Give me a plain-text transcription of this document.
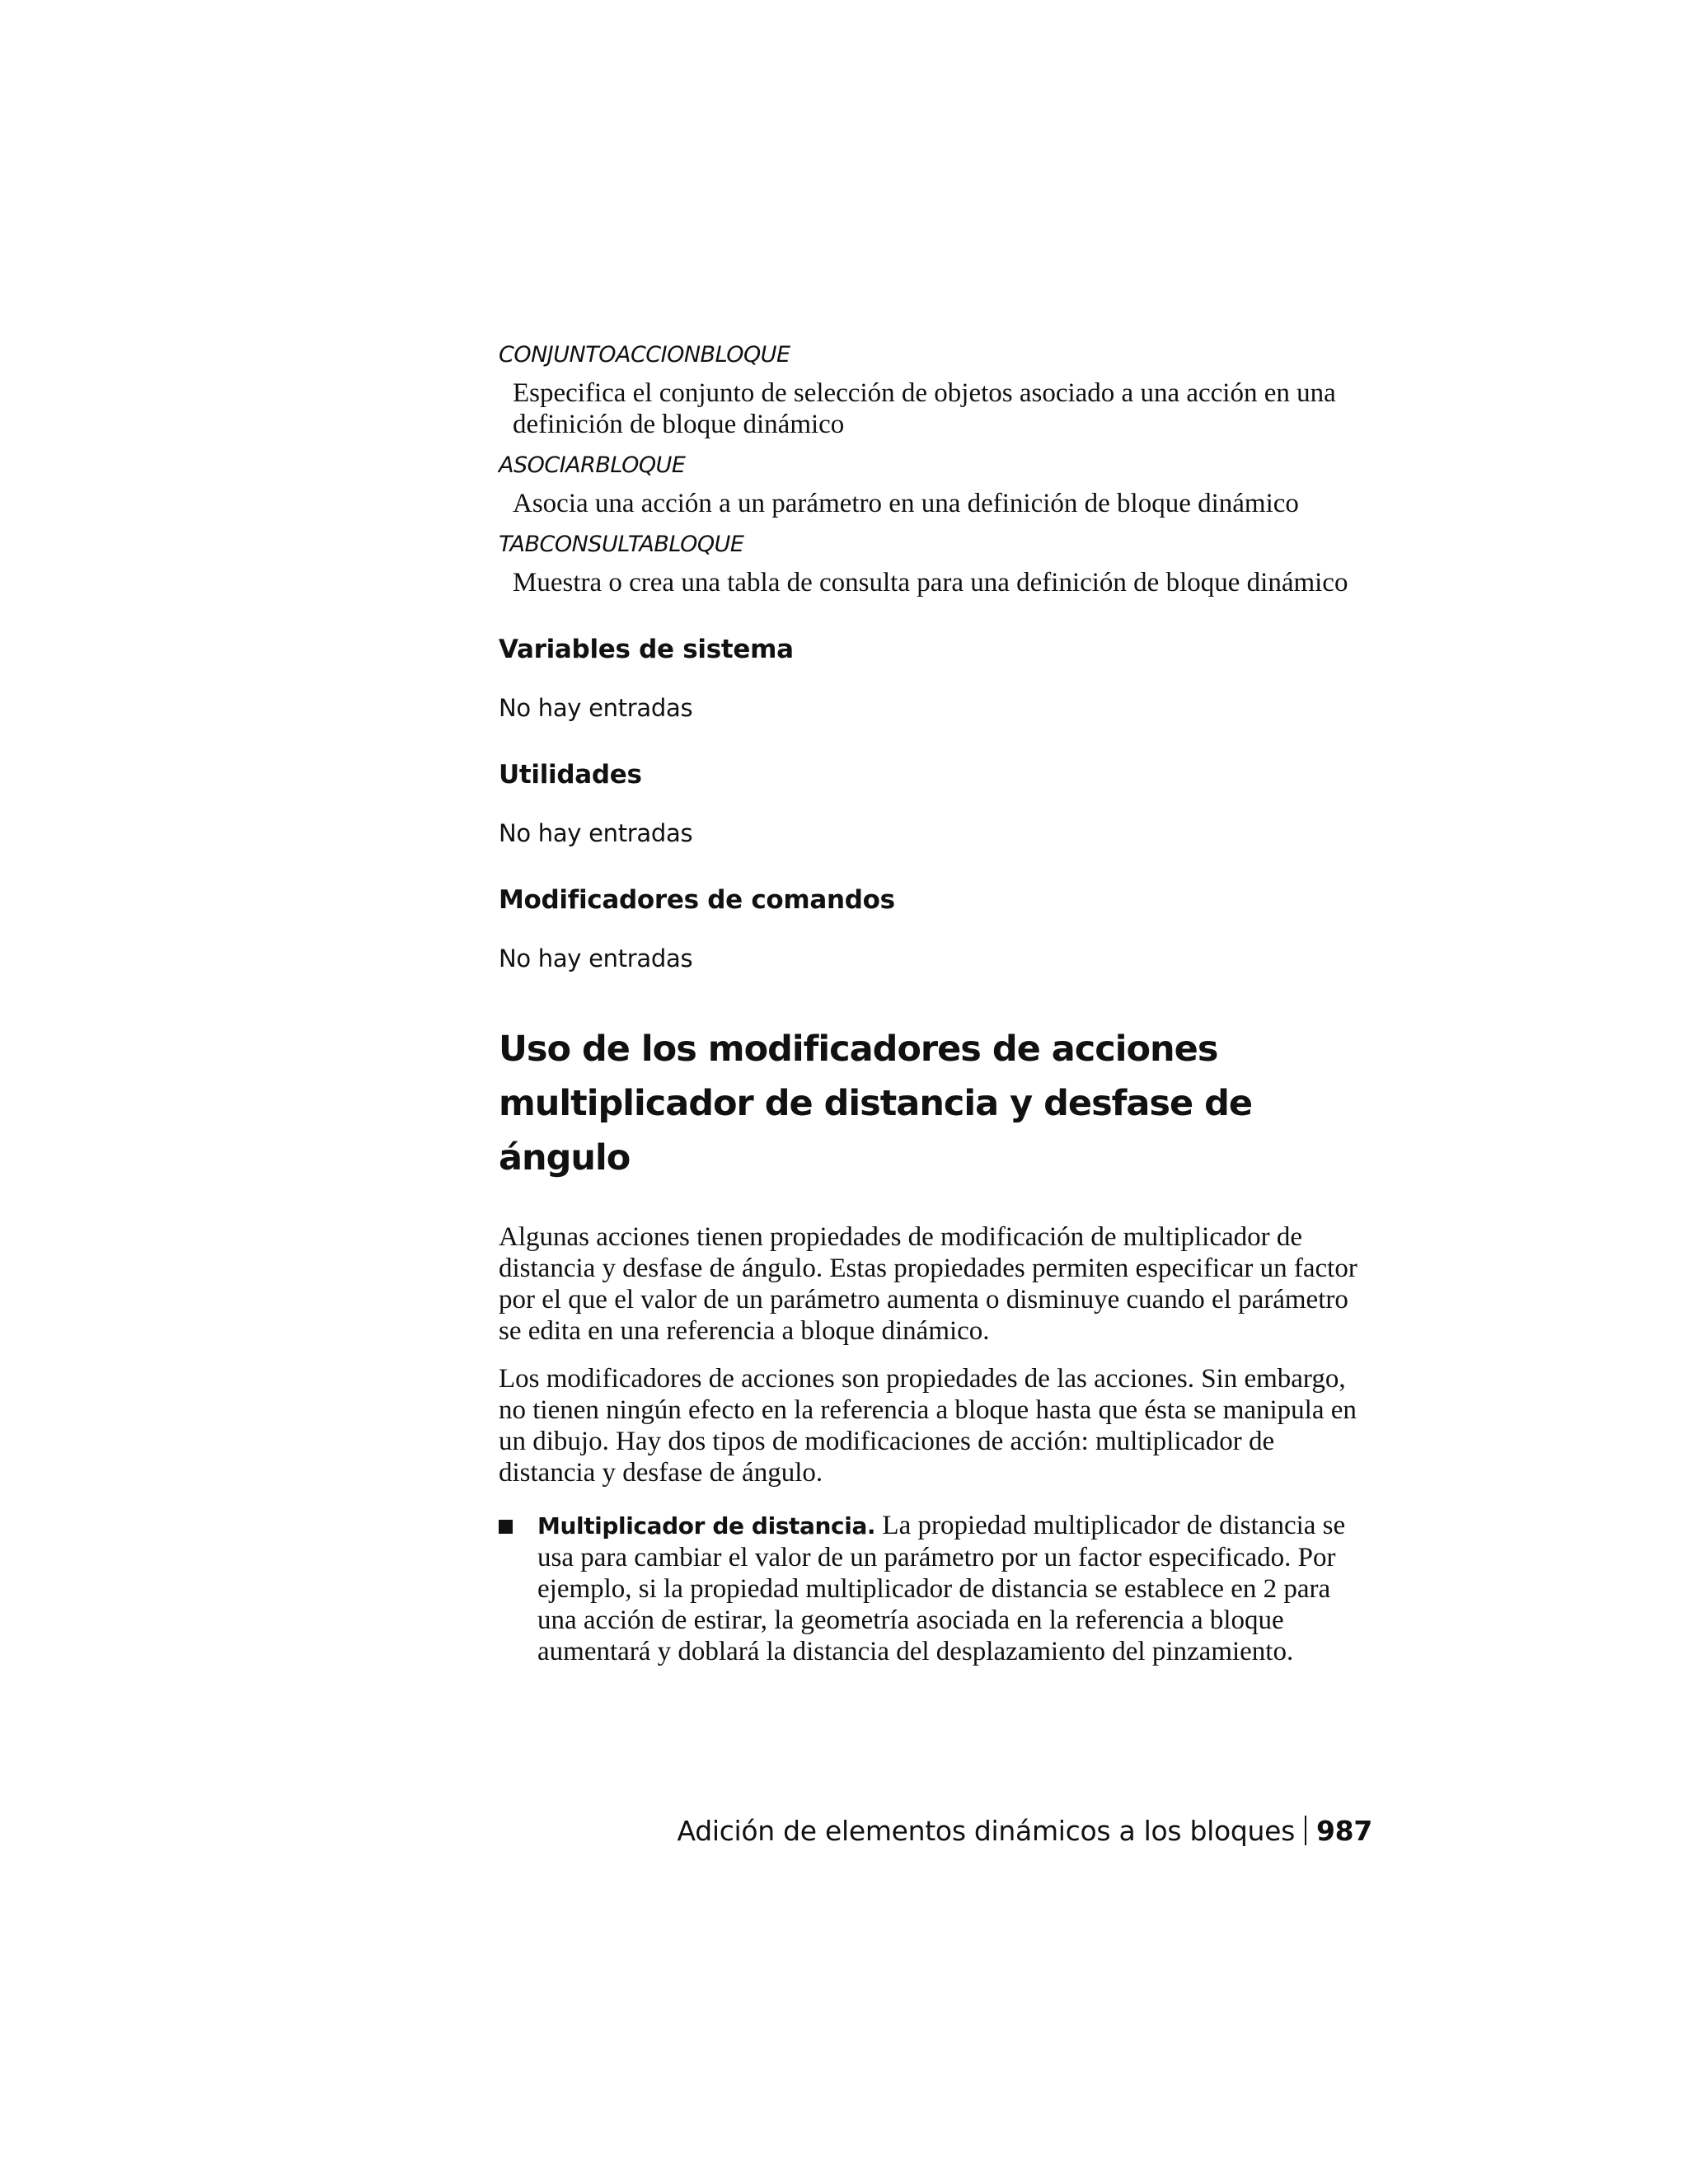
CONJUNTOACCIONBLOQUE

Especifica el conjunto de selección de objetos asociado a una acción en una definición de bloque dinámico

ASOCIARBLOQUE

Asocia una acción a un parámetro en una definición de bloque dinámico

TABCONSULTABLOQUE

Muestra o crea una tabla de consulta para una definición de bloque dinámico

Variables de sistema

No hay entradas

Utilidades

No hay entradas

Modificadores de comandos

No hay entradas

Uso de los modificadores de acciones multiplicador de distancia y desfase de ángulo

Algunas acciones tienen propiedades de modificación de multiplicador de distancia y desfase de ángulo. Estas propiedades permiten especificar un factor por el que el valor de un parámetro aumenta o disminuye cuando el parámetro se edita en una referencia a bloque dinámico.

Los modificadores de acciones son propiedades de las acciones. Sin embargo, no tienen ningún efecto en la referencia a bloque hasta que ésta se manipula en un dibujo. Hay dos tipos de modificaciones de acción: multiplicador de distancia y desfase de ángulo.

Multiplicador de distancia. La propiedad multiplicador de distancia se usa para cambiar el valor de un parámetro por un factor especificado. Por ejemplo, si la propiedad multiplicador de distancia se establece en 2 para una acción de estirar, la geometría asociada en la referencia a bloque aumentará y doblará la distancia del desplazamiento del pinzamiento.
Adición de elementos dinámicos a los bloques 987
